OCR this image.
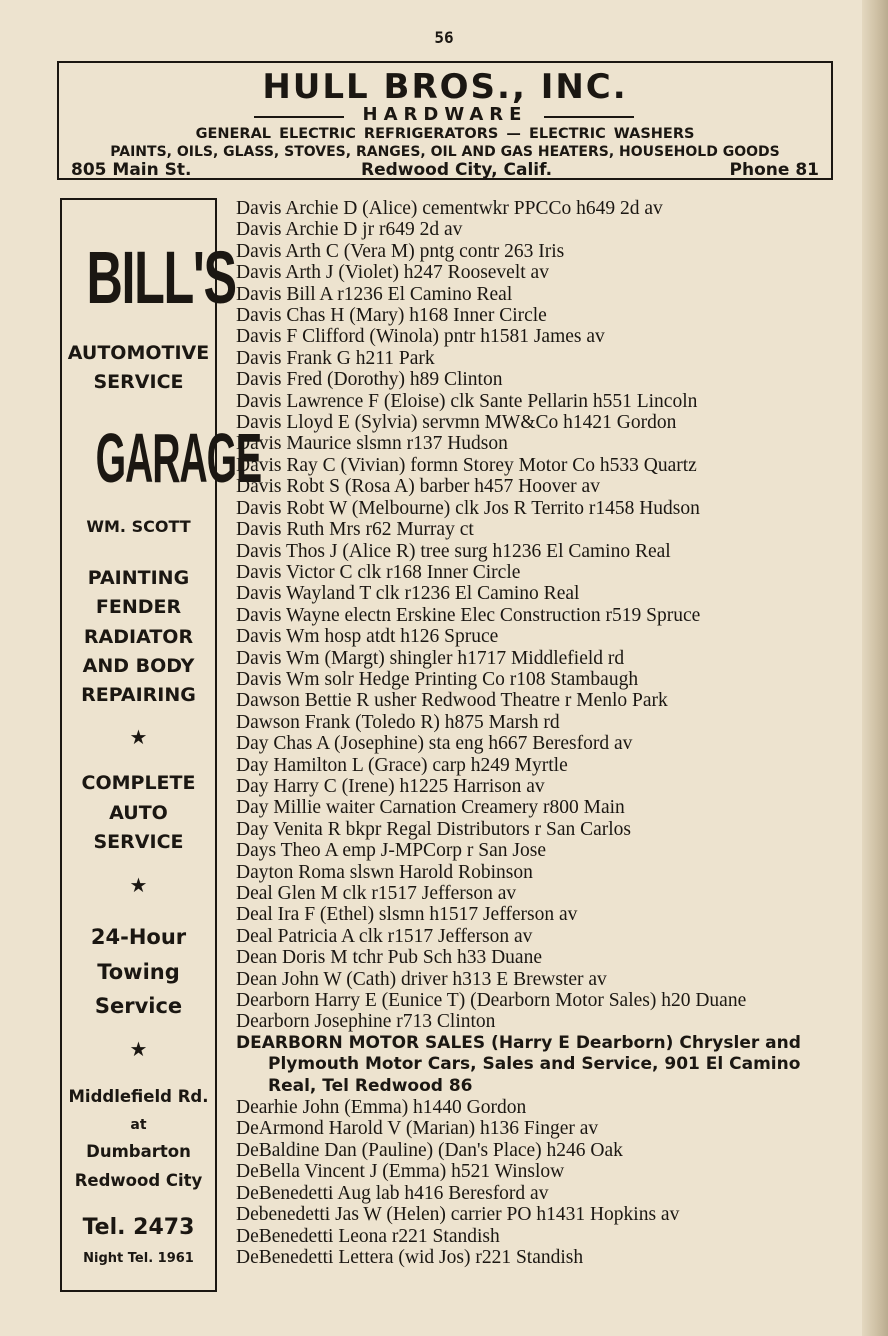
56
HULL BROS., INC.
HARDWARE
GENERAL ELECTRIC REFRIGERATORS — ELECTRIC WASHERS
PAINTS, OILS, GLASS, STOVES, RANGES, OIL AND GAS HEATERS, HOUSEHOLD GOODS
805 Main St.	Redwood City, Calif.	Phone 81
BILL'S
AUTOMOTIVE
SERVICE
GARAGE
WM. SCOTT
PAINTING
FENDER
RADIATOR
AND BODY
REPAIRING
★
COMPLETE
AUTO
SERVICE
★
24-Hour
Towing
Service
★
Middlefield Rd.
at
Dumbarton
Redwood City
Tel. 2473
Night Tel. 1961
Davis Archie D (Alice) cementwkr PPCCo h649 2d av
Davis Archie D jr r649 2d av
Davis Arth C (Vera M) pntg contr 263 Iris
Davis Arth J (Violet) h247 Roosevelt av
Davis Bill A r1236 El Camino Real
Davis Chas H (Mary) h168 Inner Circle
Davis F Clifford (Winola) pntr h1581 James av
Davis Frank G h211 Park
Davis Fred (Dorothy) h89 Clinton
Davis Lawrence F (Eloise) clk Sante Pellarin h551 Lincoln
Davis Lloyd E (Sylvia) servmn MW&Co h1421 Gordon
Davis Maurice slsmn r137 Hudson
Davis Ray C (Vivian) formn Storey Motor Co h533 Quartz
Davis Robt S (Rosa A) barber h457 Hoover av
Davis Robt W (Melbourne) clk Jos R Territo r1458 Hudson
Davis Ruth Mrs r62 Murray ct
Davis Thos J (Alice R) tree surg h1236 El Camino Real
Davis Victor C clk r168 Inner Circle
Davis Wayland T clk r1236 El Camino Real
Davis Wayne electn Erskine Elec Construction r519 Spruce
Davis Wm hosp atdt h126 Spruce
Davis Wm (Margt) shingler h1717 Middlefield rd
Davis Wm solr Hedge Printing Co r108 Stambaugh
Dawson Bettie R usher Redwood Theatre r Menlo Park
Dawson Frank (Toledo R) h875 Marsh rd
Day Chas A (Josephine) sta eng h667 Beresford av
Day Hamilton L (Grace) carp h249 Myrtle
Day Harry C (Irene) h1225 Harrison av
Day Millie waiter Carnation Creamery r800 Main
Day Venita R bkpr Regal Distributors r San Carlos
Days Theo A emp J-MPCorp r San Jose
Dayton Roma slswn Harold Robinson
Deal Glen M clk r1517 Jefferson av
Deal Ira F (Ethel) slsmn h1517 Jefferson av
Deal Patricia A clk r1517 Jefferson av
Dean Doris M tchr Pub Sch h33 Duane
Dean John W (Cath) driver h313 E Brewster av
Dearborn Harry E (Eunice T) (Dearborn Motor Sales) h20 Duane
Dearborn Josephine r713 Clinton
DEARBORN MOTOR SALES (Harry E Dearborn) Chrysler and Plymouth Motor Cars, Sales and Service, 901 El Camino Real, Tel Redwood 86
Dearhie John (Emma) h1440 Gordon
DeArmond Harold V (Marian) h136 Finger av
DeBaldine Dan (Pauline) (Dan's Place) h246 Oak
DeBella Vincent J (Emma) h521 Winslow
DeBenedetti Aug lab h416 Beresford av
Debenedetti Jas W (Helen) carrier PO h1431 Hopkins av
DeBenedetti Leona r221 Standish
DeBenedetti Lettera (wid Jos) r221 Standish
